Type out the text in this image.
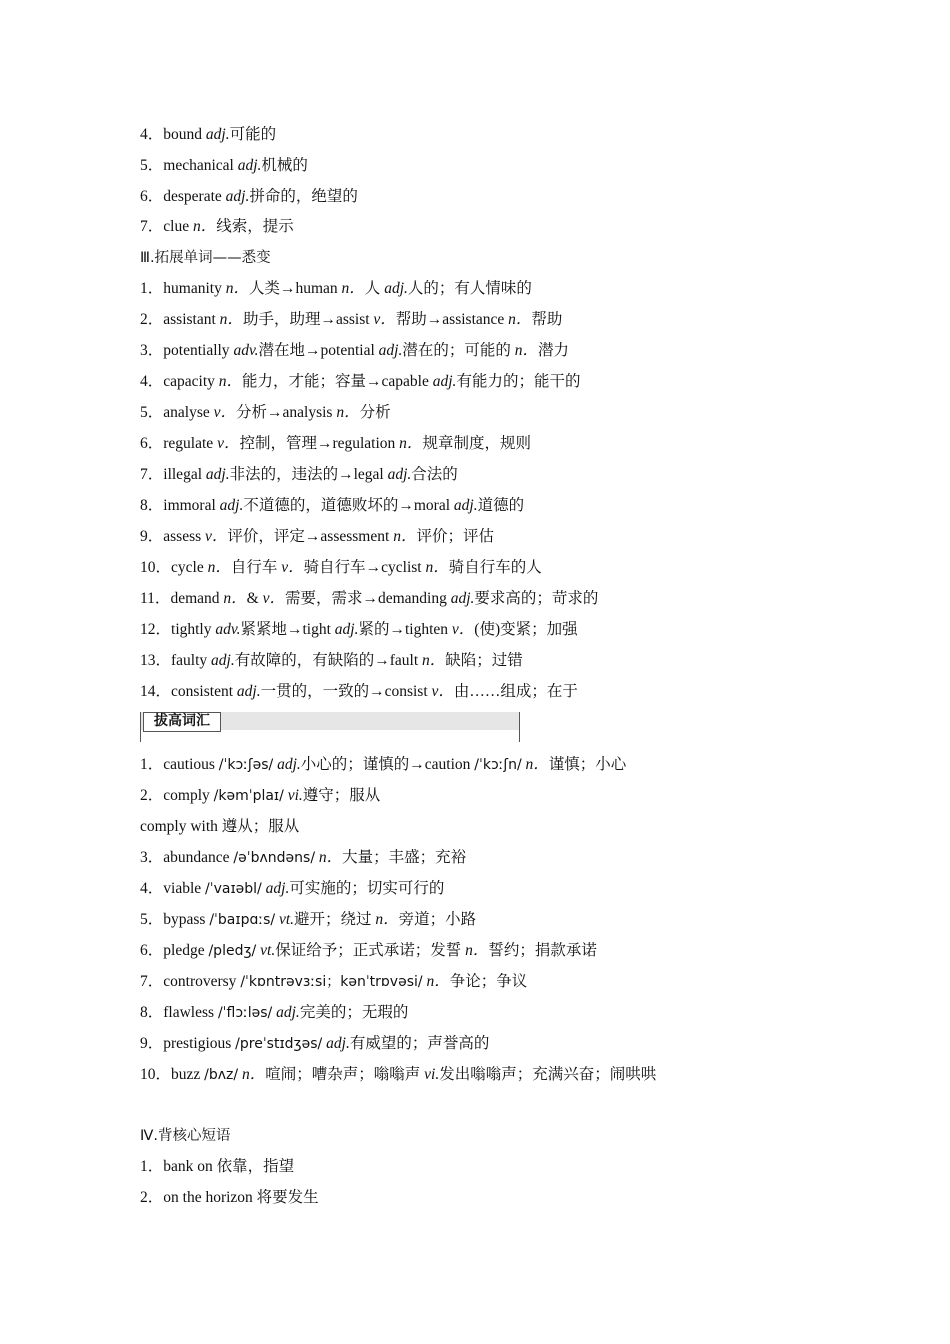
4．bound adj.可能的
5．mechanical adj.机械的
6．desperate adj.拼命的，绝望的
7．clue n．线索，提示
Ⅲ.拓展单词——悉变
1．humanity n．人类→human n．人 adj.人的；有人情味的
2．assistant n．助手，助理→assist v．帮助→assistance n．帮助
3．potentially adv.潜在地→potential adj.潜在的；可能的 n．潜力
4．capacity n．能力，才能；容量→capable adj.有能力的；能干的
5．analyse v．分析→analysis n．分析
6．regulate v．控制，管理→regulation n．规章制度，规则
7．illegal adj.非法的，违法的→legal adj.合法的
8．immoral adj.不道德的，道德败坏的→moral adj.道德的
9．assess v．评价，评定→assessment n．评价；评估
10．cycle n．自行车 v．骑自行车→cyclist n．骑自行车的人
11．demand n．& v．需要，需求→demanding adj.要求高的；苛求的
12．tightly adv.紧紧地→tight adj.紧的→tighten v．(使)变紧；加强
13．faulty adj.有故障的，有缺陷的→fault n．缺陷；过错
14．consistent adj.一贯的，一致的→consist v．由……组成；在于
1．cautious /ˈkɔːʃəs/ adj.小心的；谨慎的→caution /ˈkɔːʃn/ n．谨慎；小心
2．comply /kəmˈplaɪ/ vi.遵守；服从
comply with 遵从；服从
3．abundance /əˈbʌndəns/ n．大量；丰盛；充裕
4．viable /ˈvaɪəbl/ adj.可实施的；切实可行的
5．bypass /ˈbaɪpɑːs/ vt.避开；绕过 n．旁道；小路
6．pledge /pledʒ/ vt.保证给予；正式承诺；发誓 n．誓约；捐款承诺
7．controversy /ˈkɒntrəvɜːsi；kənˈtrɒvəsi/ n．争论；争议
8．flawless /ˈflɔːləs/ adj.完美的；无瑕的
9．prestigious /preˈstɪdʒəs/ adj.有威望的；声誉高的
10．buzz /bʌz/ n．喧闹；嘈杂声；嗡嗡声 vi.发出嗡嗡声；充满兴奋；闹哄哄
Ⅳ.背核心短语
1．bank on 依靠，指望
2．on the horizon 将要发生
拔高词汇
